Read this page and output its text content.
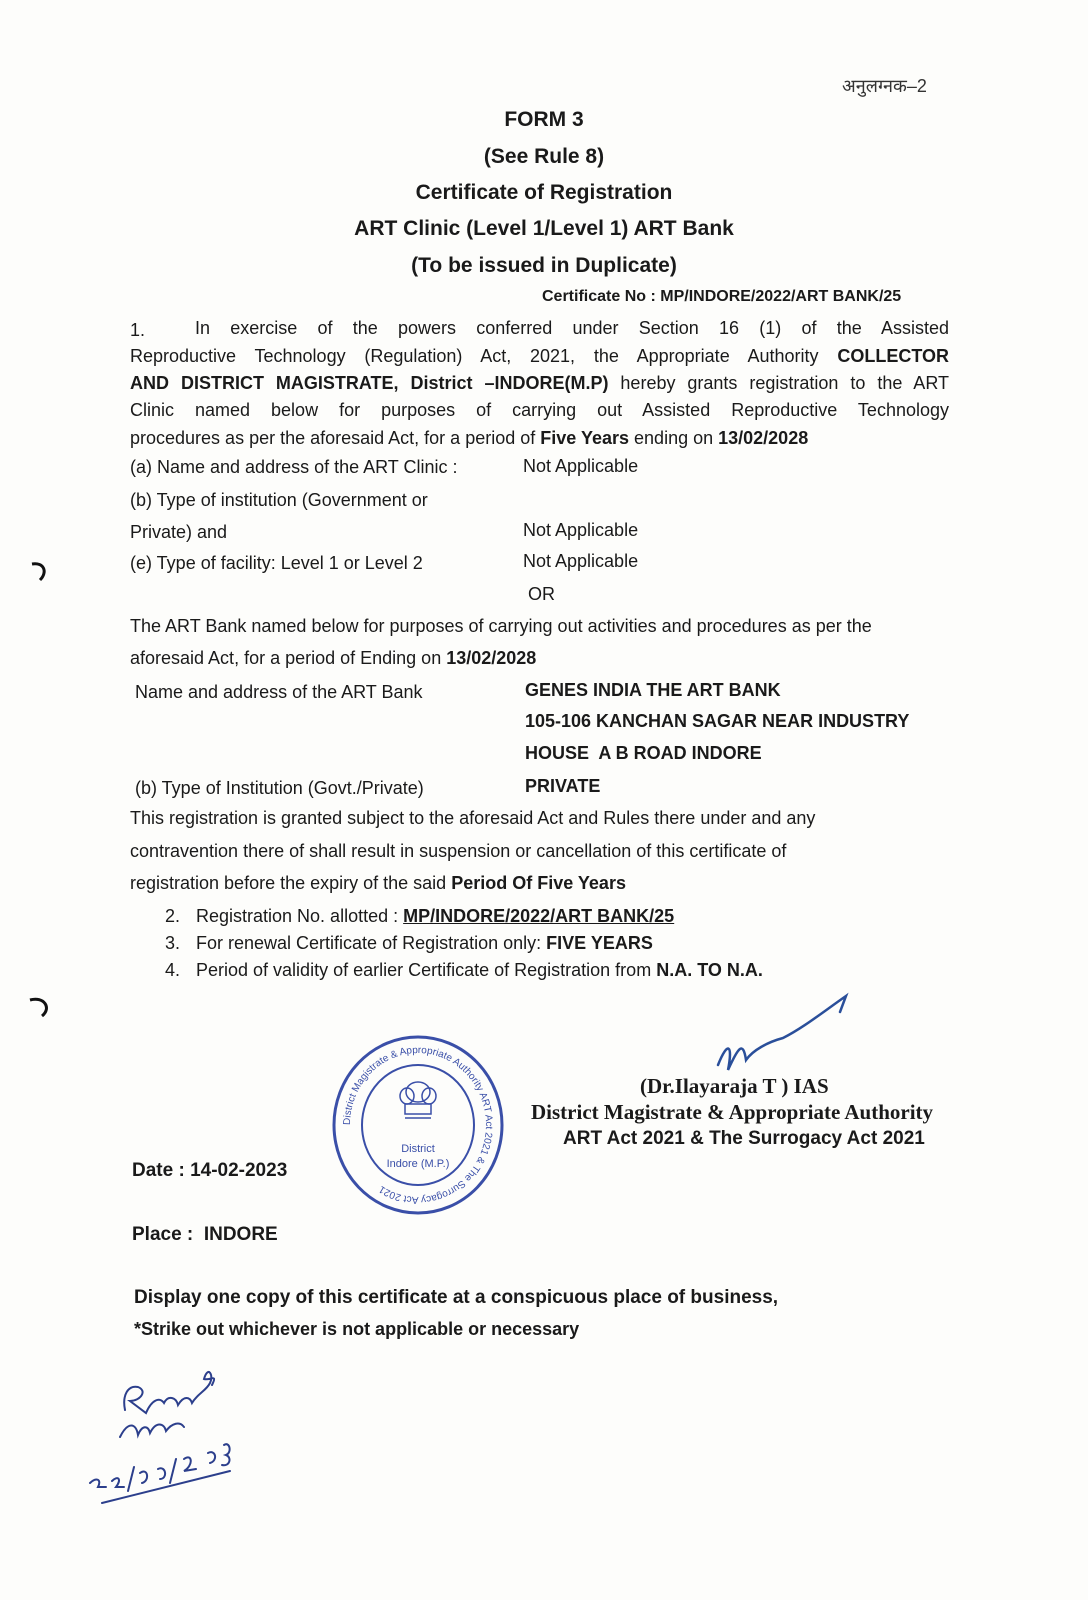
अनुलग्नक–2
FORM 3
(See Rule 8)
Certificate of Registration
ART Clinic (Level 1/Level 1) ART Bank
(To be issued in Duplicate)
Certificate No : MP/INDORE/2022/ART BANK/25
1.	In exercise of the powers conferred under Section 16 (1) of the Assisted
Reproductive Technology (Regulation) Act, 2021, the Appropriate Authority COLLECTOR
AND DISTRICT MAGISTRATE, District –INDORE(M.P) hereby grants registration to the ART
Clinic named below for purposes of carrying out Assisted Reproductive Technology
procedures as per the aforesaid Act, for a period of Five Years ending on 13/02/2028
(a) Name and address of the ART Clinic :	Not Applicable
(b) Type of institution (Government or
Private) and	Not Applicable
(e) Type of facility: Level 1 or Level 2	Not Applicable
OR
The ART Bank named below for purposes of carrying out activities and procedures as per the
aforesaid Act, for a period of Ending on 13/02/2028
Name and address of the ART Bank	GENES INDIA THE ART BANK
105-106 KANCHAN SAGAR NEAR INDUSTRY
HOUSE  A B ROAD INDORE
(b) Type of Institution (Govt./Private)	PRIVATE
This registration is granted subject to the aforesaid Act and Rules there under and any
contravention there of shall result in suspension or cancellation of this certificate of
registration before the expiry of the said Period Of Five Years
2. Registration No. allotted : MP/INDORE/2022/ART BANK/25
3. For renewal Certificate of Registration only: FIVE YEARS
4. Period of validity of earlier Certificate of Registration from N.A. TO N.A.
District Magistrate & Appropriate Authority ART Act 2021 & The Surrogacy Act 2021
District
Indore (M.P.)
(Dr.Ilayaraja T ) IAS
District Magistrate & Appropriate Authority
ART Act 2021 & The Surrogacy Act 2021
Date : 14-02-2023
Place :  INDORE
Display one copy of this certificate at a conspicuous place of business,
*Strike out whichever is not applicable or necessary
Received
